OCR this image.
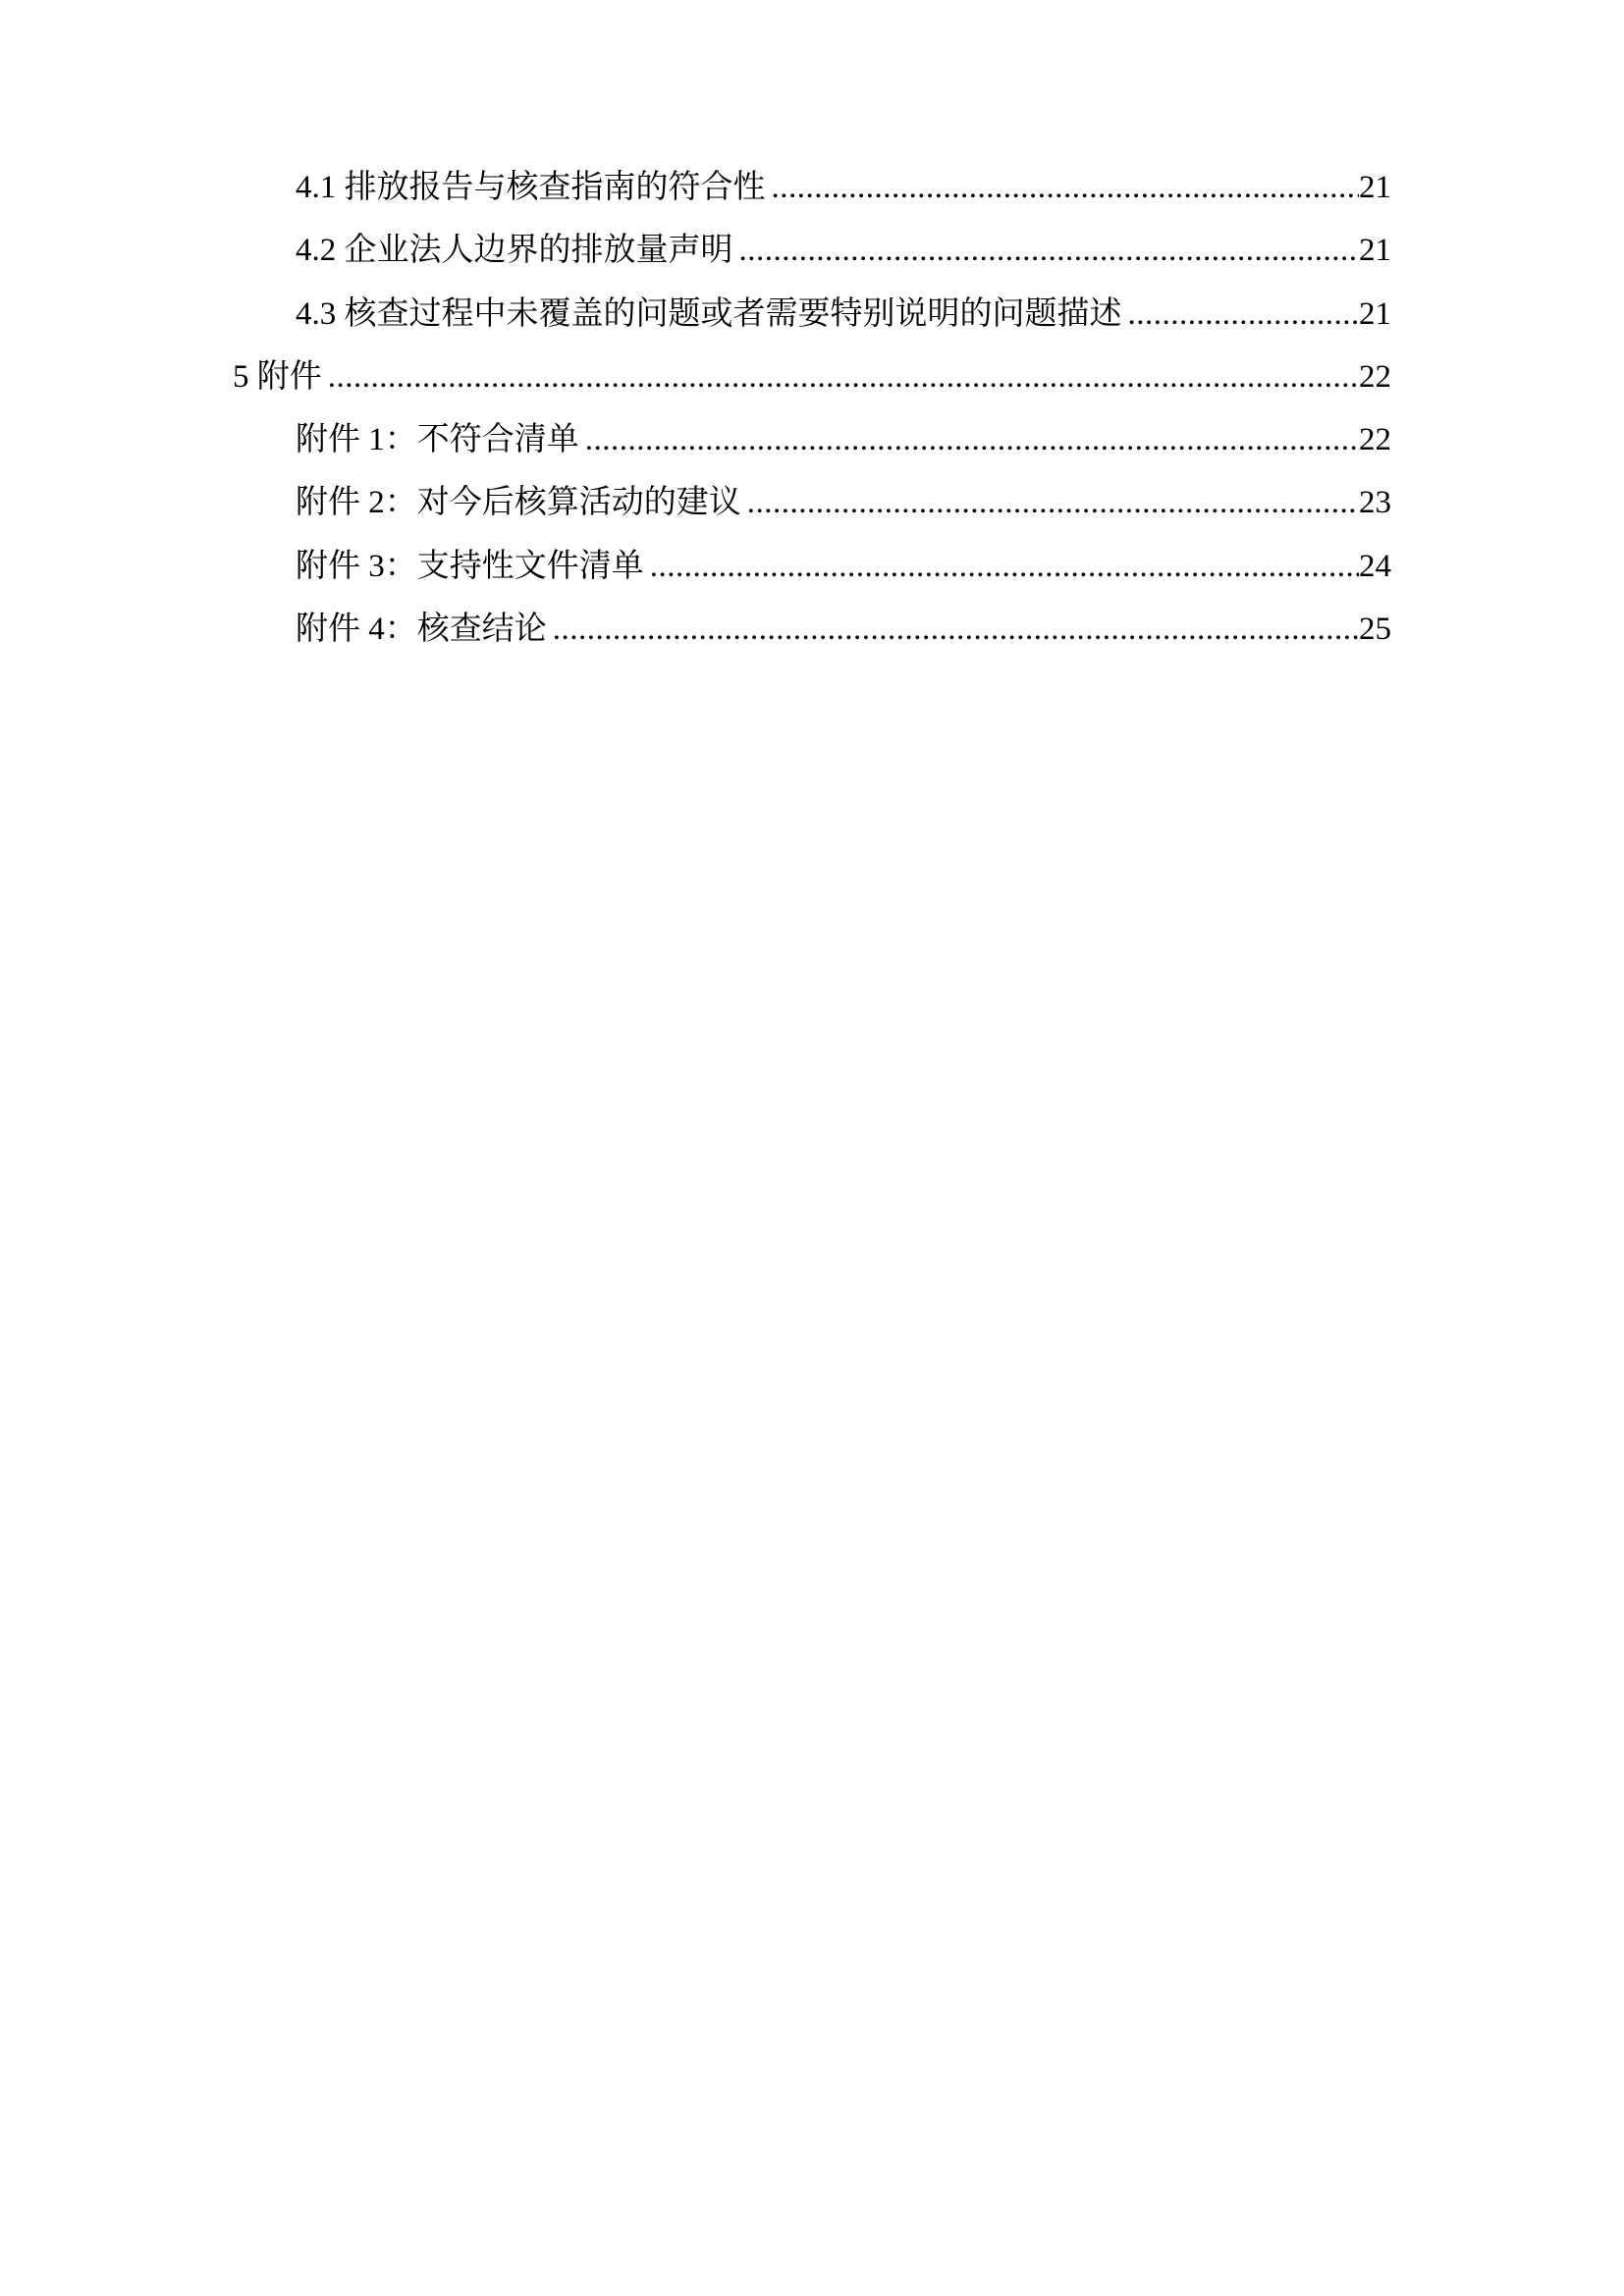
4.1 排放报告与核查指南的符合性 .....	21
4.2 企业法人边界的排放量声明 .....	21
4.3 核查过程中未覆盖的问题或者需要特别说明的问题描述 .....	21
5 附件 .....	22
附件 1：不符合清单 .....	22
附件 2：对今后核算活动的建议 .....	23
附件 3：支持性文件清单 .....	24
附件 4：核查结论 .....	25
